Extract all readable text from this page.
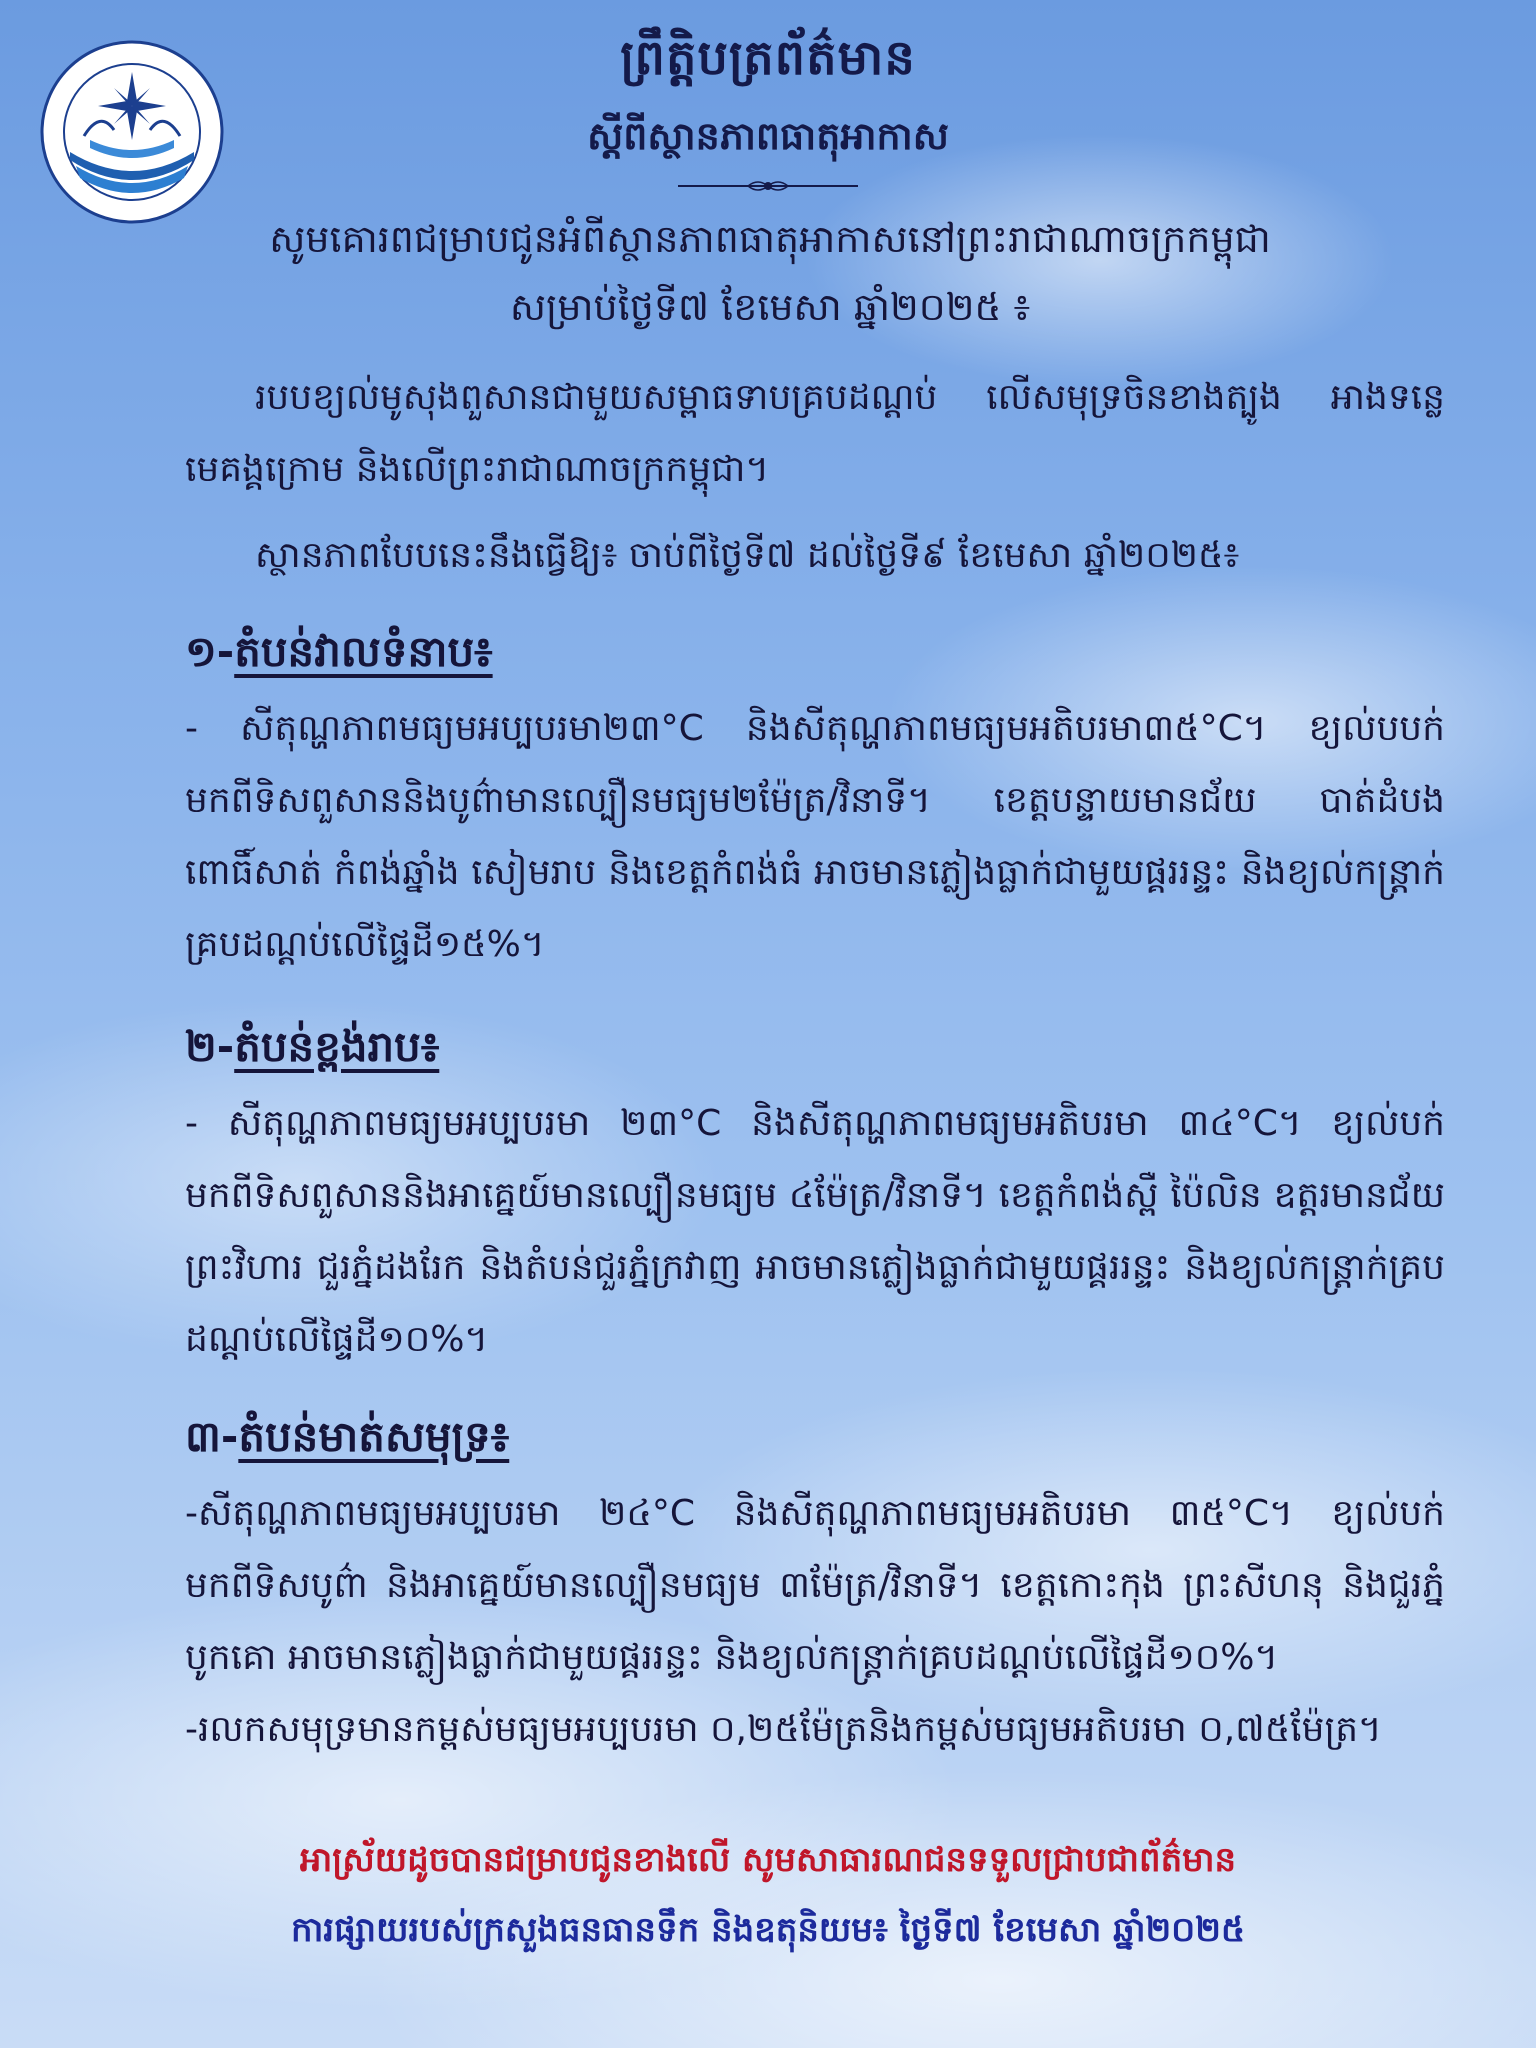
ព្រឹត្តិបត្រព័ត៌មាន
ស្ដីពីស្ថានភាពធាតុអាកាស
សូមគោរពជម្រាបជូនអំពីស្ថានភាពធាតុអាកាសនៅព្រះរាជាណាចក្រកម្ពុជា
សម្រាប់ថ្ងៃទី៧ ខែមេសា ឆ្នាំ២០២៥ ៖

របបខ្យល់មូសុងពួសានជាមួយសម្ពាធទាបគ្របដណ្ដប់ លើសមុទ្រចិនខាងត្បូង អាងទន្លេមេគង្គក្រោម និងលើព្រះរាជាណាចក្រកម្ពុជា។

ស្ថានភាពបែបនេះនឹងធ្វើឱ្យ៖ ចាប់ពីថ្ងៃទី៧ ដល់ថ្ងៃទី៩ ខែមេសា ឆ្នាំ២០២៥៖

១-តំបន់វាលទំនាប៖

- សីតុណ្ហភាពមធ្យមអប្បបរមា២៣°C និងសីតុណ្ហភាពមធ្យមអតិបរមា៣៥°C។ ខ្យល់បបក់មកពីទិសពួសាននិងបូព៌ាមានល្បឿនមធ្យម២ម៉ែត្រ/វិនាទី។ ខេត្តបន្ទាយមានជ័យ បាត់ដំបង ពោធិ៍សាត់ កំពង់ឆ្នាំង សៀមរាប និងខេត្តកំពង់ធំ អាចមានភ្លៀងធ្លាក់ជាមួយផ្គររន្ទះ និងខ្យល់កន្ត្រាក់គ្របដណ្ដប់លើផ្ទៃដី១៥%។

២-តំបន់ខ្ពង់រាប៖

- សីតុណ្ហភាពមធ្យមអប្បបរមា ២៣°C និងសីតុណ្ហភាពមធ្យមអតិបរមា ៣៤°C។ ខ្យល់បក់មកពីទិសពួសាននិងអាគ្នេយ៍មានល្បឿនមធ្យម ៤ម៉ែត្រ/វិនាទី។ ខេត្តកំពង់ស្ពឺ ប៉ៃលិន ឧត្ដរមានជ័យ ព្រះវិហារ ជួរភ្នំដងរែក និងតំបន់ជួរភ្នំក្រវាញ អាចមានភ្លៀងធ្លាក់ជាមួយផ្គររន្ទះ និងខ្យល់កន្ត្រាក់គ្របដណ្ដប់លើផ្ទៃដី១០%។

៣-តំបន់មាត់សមុទ្រ៖

-សីតុណ្ហភាពមធ្យមអប្បបរមា ២៤°C និងសីតុណ្ហភាពមធ្យមអតិបរមា ៣៥°C។ ខ្យល់បក់មកពីទិសបូព៌ា និងអាគ្នេយ៍មានល្បឿនមធ្យម ៣ម៉ែត្រ/វិនាទី។ ខេត្តកោះកុង ព្រះសីហនុ និងជួរភ្នំបូកគោ អាចមានភ្លៀងធ្លាក់ជាមួយផ្គររន្ទះ និងខ្យល់កន្ត្រាក់គ្របដណ្ដប់លើផ្ទៃដី១០%។

-រលកសមុទ្រមានកម្ពស់មធ្យមអប្បបរមា ០,២៥ម៉ែត្រនិងកម្ពស់មធ្យមអតិបរមា ០,៧៥ម៉ែត្រ។

អាស្រ័យដូចបានជម្រាបជូនខាងលើ សូមសាធារណជនទទួលជ្រាបជាព័ត៌មាន
ការផ្សាយរបស់ក្រសួងធនធានទឹក និងឧតុនិយម៖ ថ្ងៃទី៧ ខែមេសា ឆ្នាំ២០២៥
